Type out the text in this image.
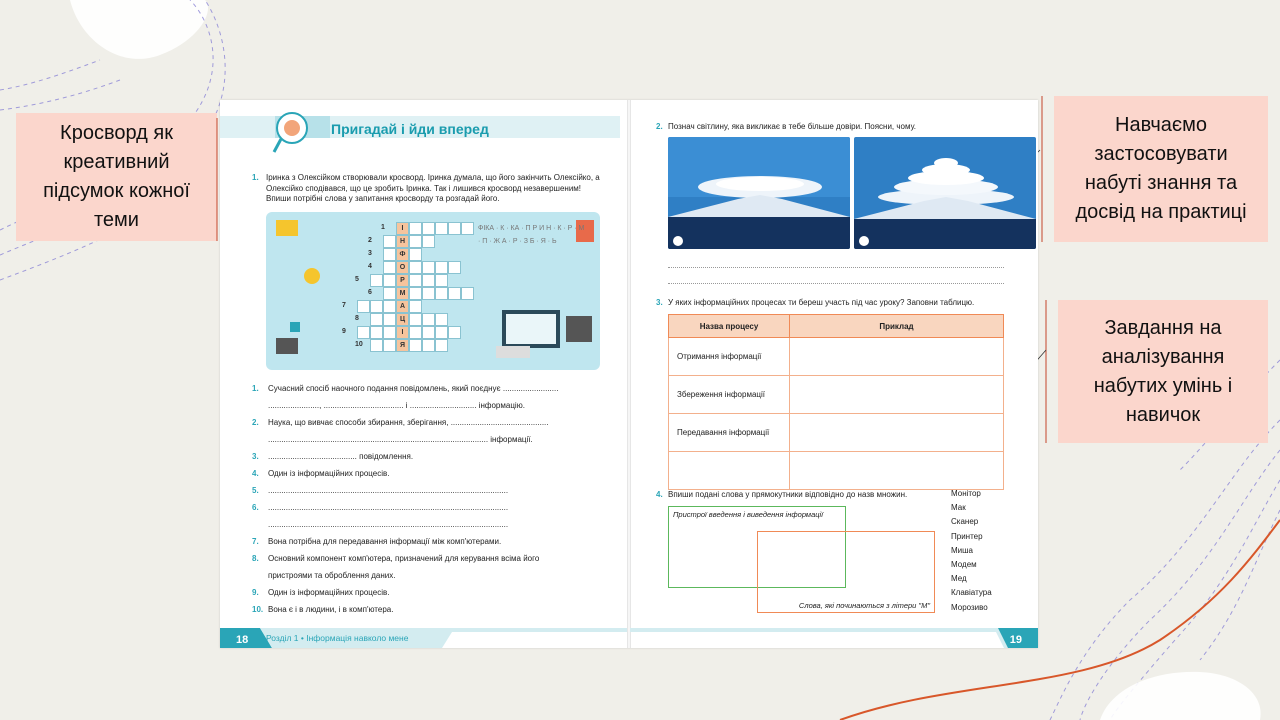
Кросворд як
креативний
підсумок кожної
теми
Навчаємо
застосовувати
набуті знання та
досвід на практиці
Завдання на
аналізування
набутих умінь і
навичок
Пригадай і йди вперед
1. Іринка з Олексійком створювали кросворд. Іринка думала, що його закінчить Олексійко, а Олексійко сподівався, що це зробить Іринка. Так і лишився кросворд незавершеним! Впиши потрібні слова у запитання кросворду та розгадай його.
1	І
2	Н
3	Ф
4	О
5	Р
6	М
7	А
8	Ц
9	І
10	Я
ФІКА · К · КА · П Р И Н · К · Р · М · П · Ж А · Р · З Б · Я · Ь
1. Сучасний спосіб наочного подання повідомлень, який поєднує .........................
......................., .................................... і .............................. інформацію.
2. Наука, що вивчає способи збирання, зберігання, ............................................
................................................................................................... інформації.
3. ........................................ повідомлення.
4. Один із інформаційних процесів.
5. ............................................................................................................
6. ............................................................................................................
............................................................................................................
7. Вона потрібна для передавання інформації між комп'ютерами.
8. Основний компонент комп'ютера, призначений для керування всіма його
пристроями та оброблення даних.
9. Один із інформаційних процесів.
10. Вона є і в людини, і в комп'ютера.
18 Розділ 1 • Інформація навколо мене
2. Познач світлину, яка викликає в тебе більше довіри. Поясни, чому.
3. У яких інформаційних процесах ти береш участь під час уроку? Заповни таблицю.
Назва процесу	Приклад
Отримання інформації	
Збереження інформації	
Передавання інформації	

4. Впиши подані слова у прямокутники відповідно до назв множин.
Пристрої введення і виведення інформації
Слова, які починаються з літери "М"
Монітор
Мак
Сканер
Принтер
Миша
Модем
Мед
Клавіатура
Морозиво
19
